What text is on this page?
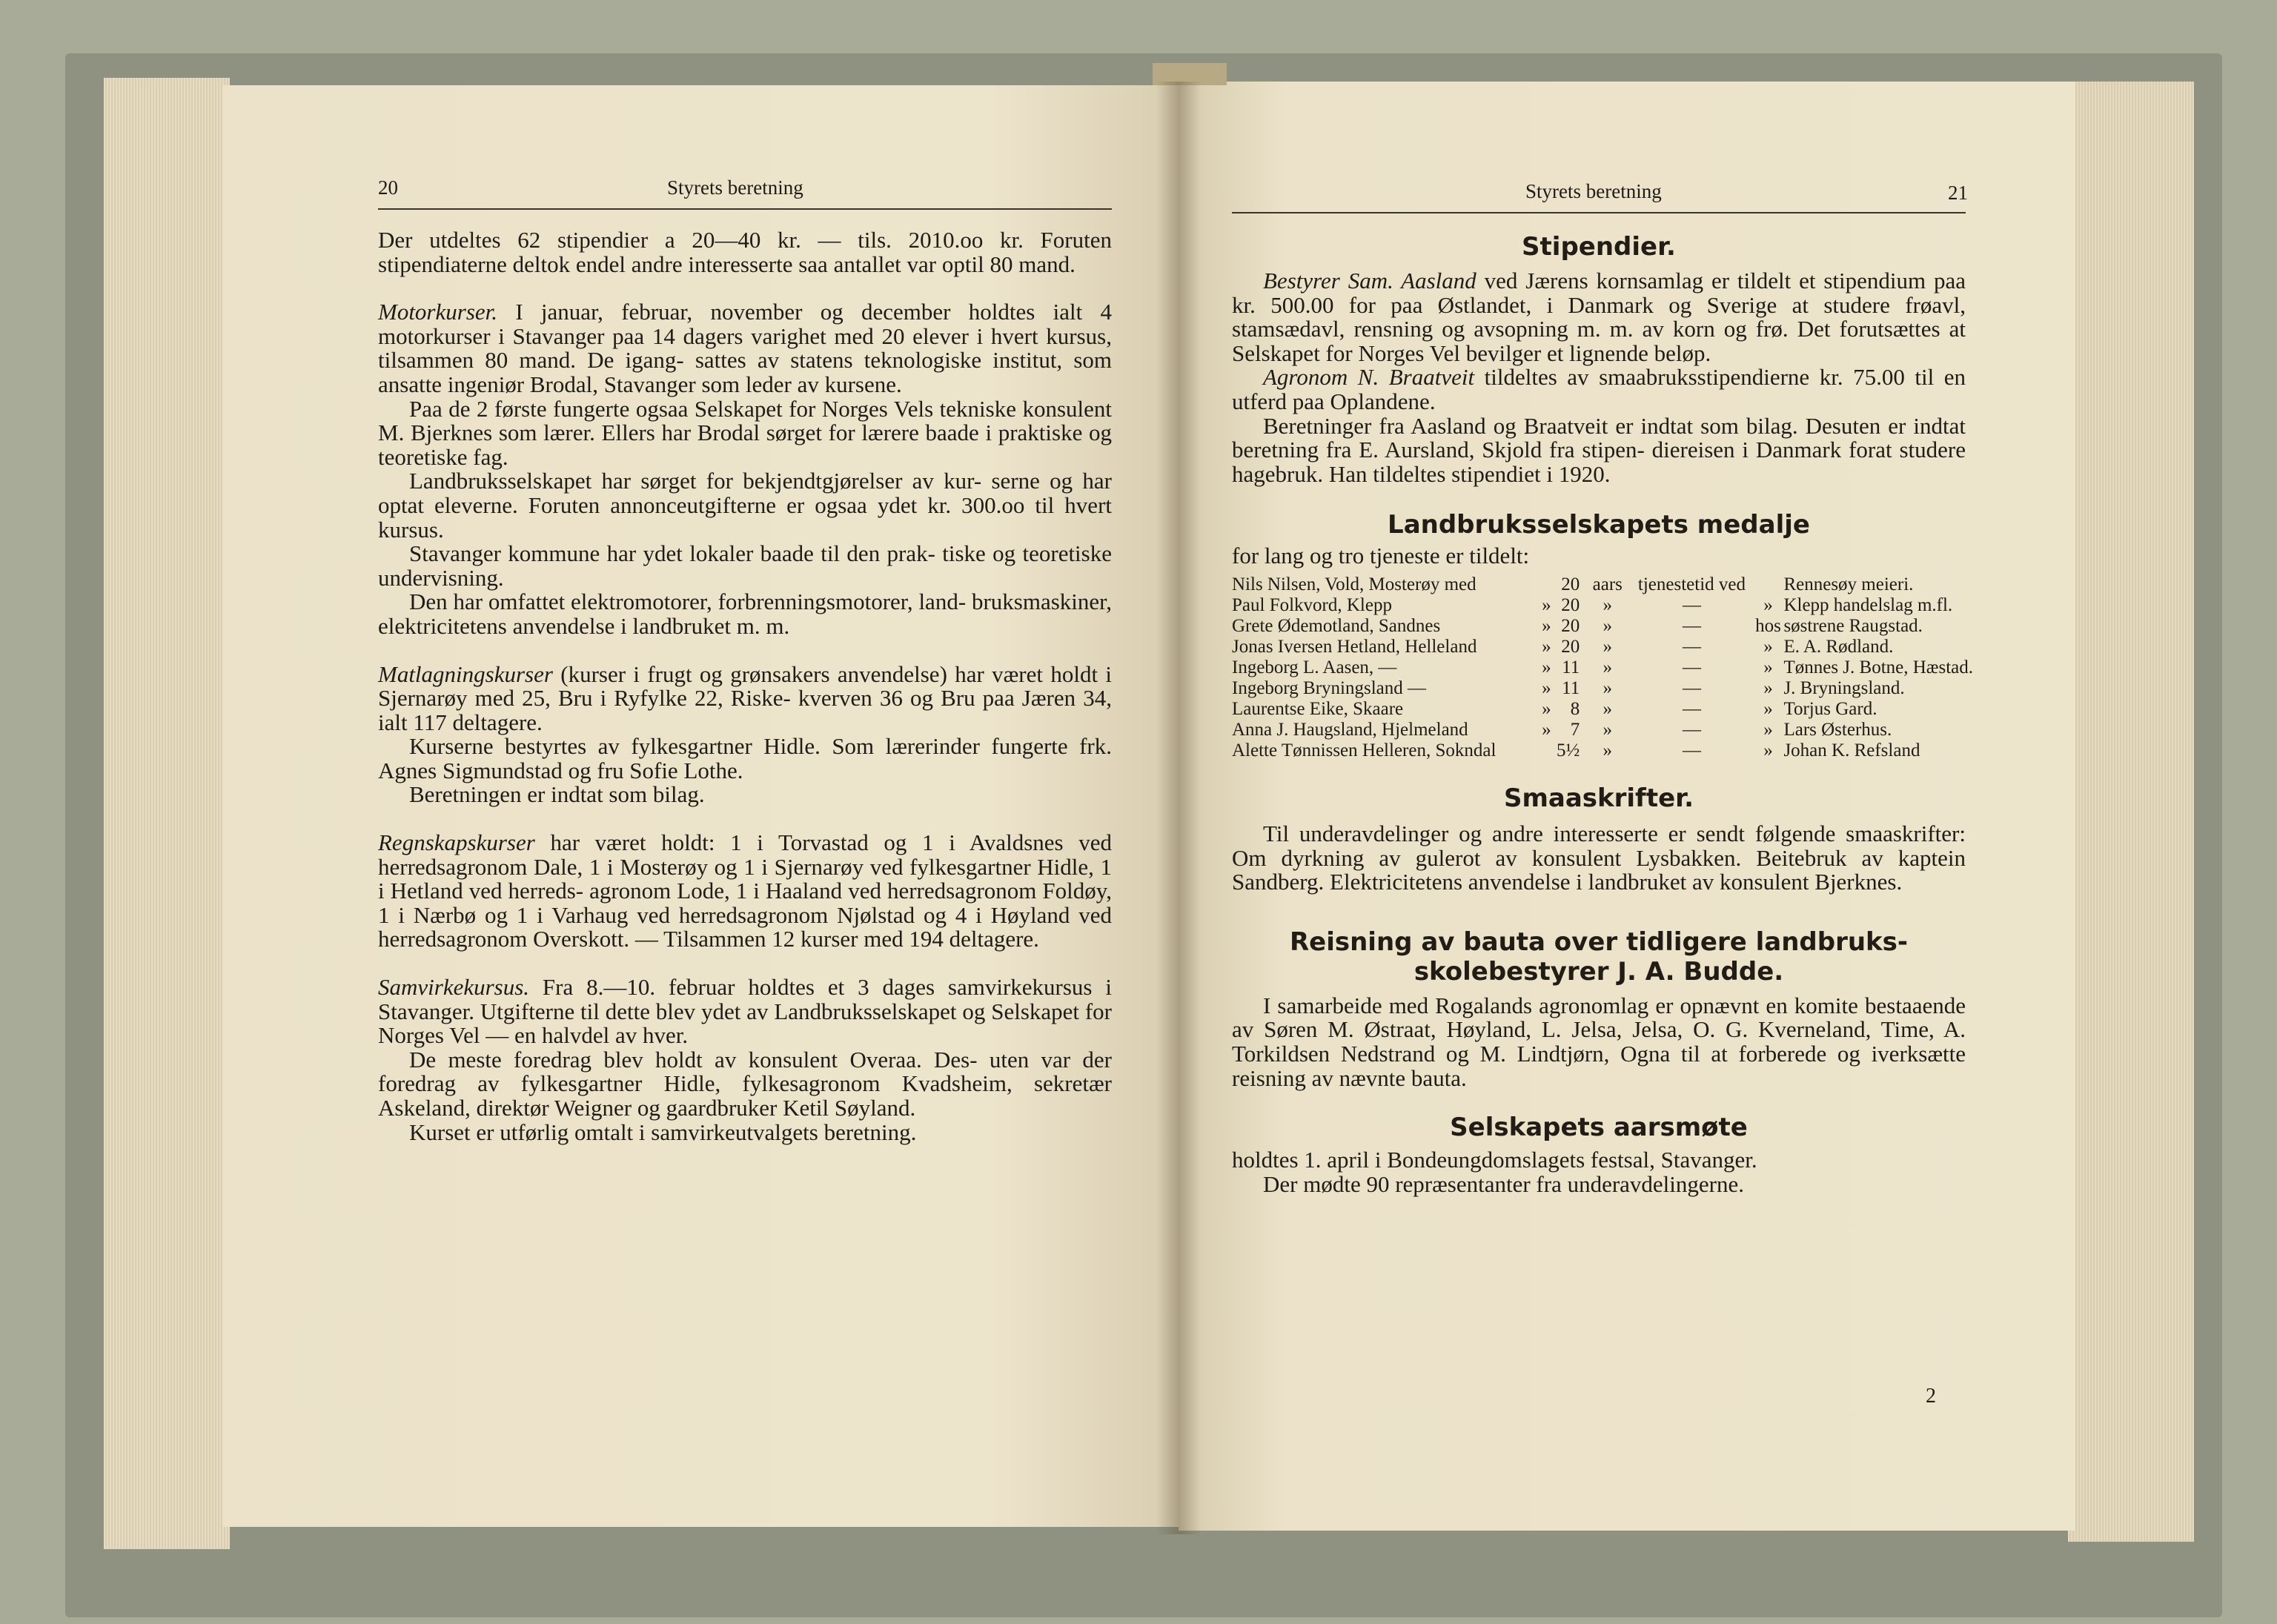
20	Styrets beretning	Styrets beretning	21

Der utdeltes 62 stipendier a 20—40 kr. — tils. 2010.oo kr. Foruten stipendiaterne deltok endel andre interesserte saa antallet var optil 80 mand.

Motorkurser. I januar, februar, november og december holdtes ialt 4 motorkurser i Stavanger paa 14 dagers varighet med 20 elever i hvert kursus, tilsammen 80 mand. De igang- sattes av statens teknologiske institut, som ansatte ingeniør Brodal, Stavanger som leder av kursene.

Paa de 2 første fungerte ogsaa Selskapet for Norges Vels tekniske konsulent M. Bjerknes som lærer. Ellers har Brodal sørget for lærere baade i praktiske og teoretiske fag.

Landbruksselskapet har sørget for bekjendtgjørelser av kur- serne og har optat eleverne. Foruten annonceutgifterne er ogsaa ydet kr. 300.oo til hvert kursus.

Stavanger kommune har ydet lokaler baade til den prak- tiske og teoretiske undervisning.

Den har omfattet elektromotorer, forbrenningsmotorer, land- bruksmaskiner, elektricitetens anvendelse i landbruket m. m.

Matlagningskurser (kurser i frugt og grønsakers anvendelse) har været holdt i Sjernarøy med 25, Bru i Ryfylke 22, Riske- kverven 36 og Bru paa Jæren 34, ialt 117 deltagere.

Kurserne bestyrtes av fylkesgartner Hidle. Som lærerinder fungerte frk. Agnes Sigmundstad og fru Sofie Lothe.

Beretningen er indtat som bilag.

Regnskapskurser har været holdt: 1 i Torvastad og 1 i Avaldsnes ved herredsagronom Dale, 1 i Mosterøy og 1 i Sjernarøy ved fylkesgartner Hidle, 1 i Hetland ved herreds- agronom Lode, 1 i Haaland ved herredsagronom Foldøy, 1 i Nærbø og 1 i Varhaug ved herredsagronom Njølstad og 4 i Høyland ved herredsagronom Overskott. — Tilsammen 12 kurser med 194 deltagere.

Samvirkekursus. Fra 8.—10. februar holdtes et 3 dages samvirkekursus i Stavanger. Utgifterne til dette blev ydet av Landbruksselskapet og Selskapet for Norges Vel — en halvdel av hver.

De meste foredrag blev holdt av konsulent Overaa. Des- uten var der foredrag av fylkesgartner Hidle, fylkesagronom Kvadsheim, sekretær Askeland, direktør Weigner og gaardbruker Ketil Søyland.

Kurset er utførlig omtalt i samvirkeutvalgets beretning.

Stipendier.

Bestyrer Sam. Aasland ved Jærens kornsamlag er tildelt et stipendium paa kr. 500.00 for paa Østlandet, i Danmark og Sverige at studere frøavl, stamsædavl, rensning og avsopning m. m. av korn og frø. Det forutsættes at Selskapet for Norges Vel bevilger et lignende beløp.

Agronom N. Braatveit tildeltes av smaabruksstipendierne kr. 75.00 til en utferd paa Oplandene.

Beretninger fra Aasland og Braatveit er indtat som bilag. Desuten er indtat beretning fra E. Aursland, Skjold fra stipen- diereisen i Danmark forat studere hagebruk. Han tildeltes stipendiet i 1920.

Landbruksselskapets medalje

for lang og tro tjeneste er tildelt:

Nils Nilsen, Vold, Mosterøy med		20	aars	tjenestetid ved		Rennesøy meieri.
Paul Folkvord, Klepp	»	20	»	—	»	Klepp handelslag m.fl.
Grete Ødemotland, Sandnes	»	20	»	—	hos	søstrene Raugstad.
Jonas Iversen Hetland, Helleland	»	20	»	—	»	E. A. Rødland.
Ingeborg L. Aasen, —	»	11	»	—	»	Tønnes J. Botne, Hæstad.
Ingeborg Bryningsland —	»	11	»	—	»	J. Bryningsland.
Laurentse Eike, Skaare	»	8	»	—	»	Torjus Gard.
Anna J. Haugsland, Hjelmeland	»	7	»	—	»	Lars Østerhus.
Alette Tønnissen Helleren, Sokndal		5½	»	—	»	Johan K. Refsland
Smaaskrifter.

Til underavdelinger og andre interesserte er sendt følgende smaaskrifter: Om dyrkning av gulerot av konsulent Lysbakken. Beitebruk av kaptein Sandberg. Elektricitetens anvendelse i landbruket av konsulent Bjerknes.

Reisning av bauta over tidligere landbruks-
skolebestyrer J. A. Budde.

I samarbeide med Rogalands agronomlag er opnævnt en komite bestaaende av Søren M. Østraat, Høyland, L. Jelsa, Jelsa, O. G. Kverneland, Time, A. Torkildsen Nedstrand og M. Lindtjørn, Ogna til at forberede og iverksætte reisning av nævnte bauta.

Selskapets aarsmøte

holdtes 1. april i Bondeungdomslagets festsal, Stavanger.

Der mødte 90 repræsentanter fra underavdelingerne.

2
